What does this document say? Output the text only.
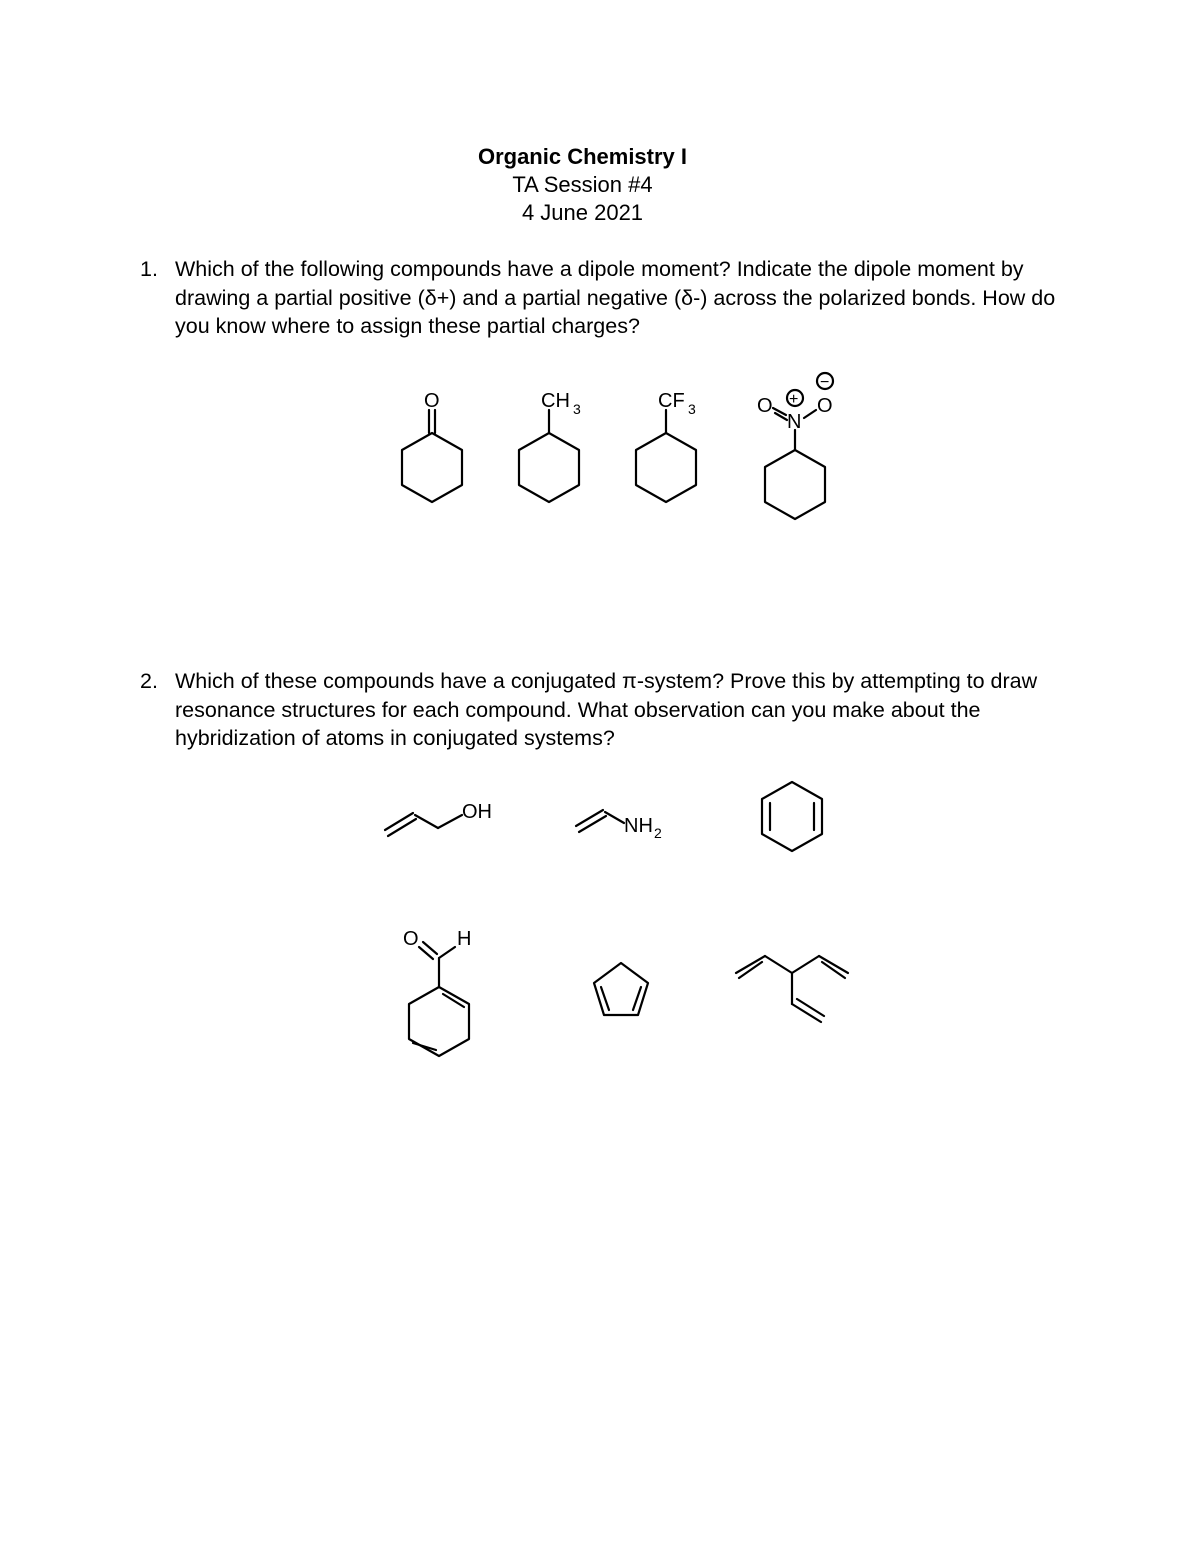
Organic Chemistry I
TA Session #4
4 June 2021
1. Which of the following compounds have a dipole moment? Indicate the dipole moment by drawing a partial positive (δ+) and a partial negative (δ-) across the polarized bonds. How do you know where to assign these partial charges?
2. Which of these compounds have a conjugated π-system? Prove this by attempting to draw resonance structures for each compound. What observation can you make about the hybridization of atoms in conjugated systems?
O	CH 3	CF 3	O
N
O
+
−
OH
NH 2
O H
